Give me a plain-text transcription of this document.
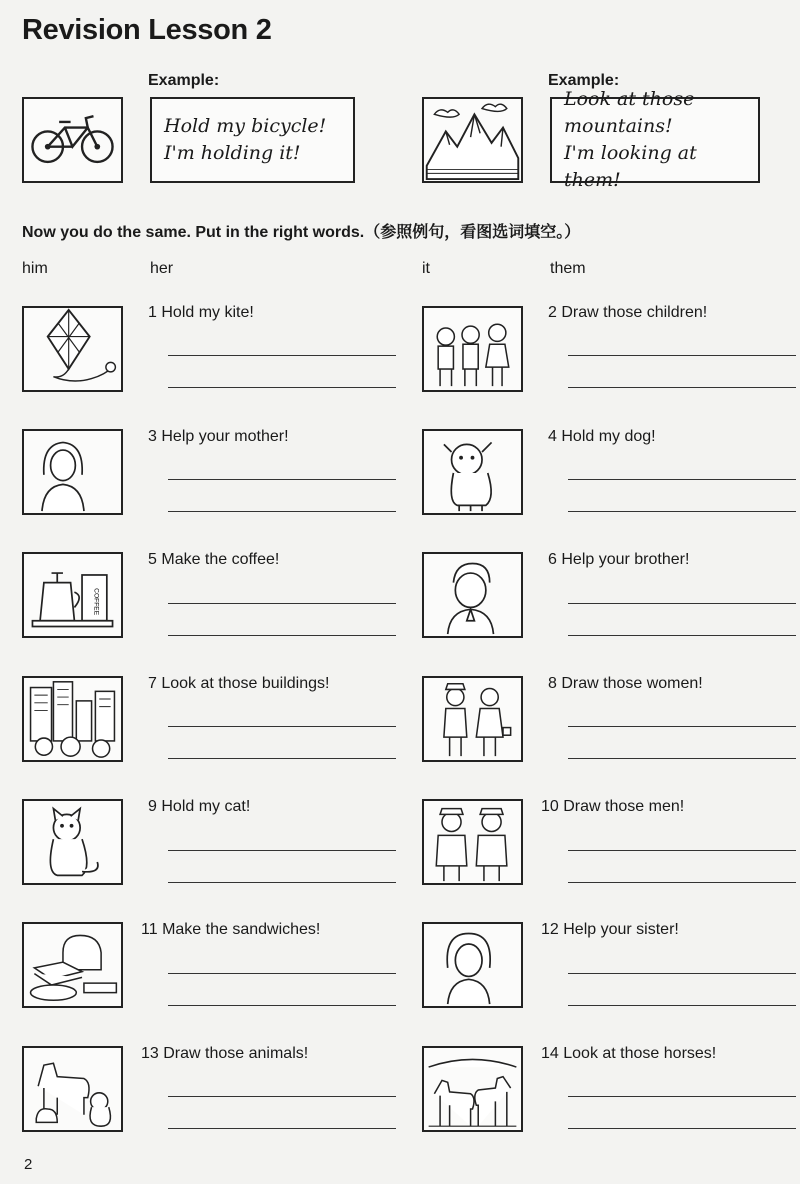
Revision Lesson 2
Example:
Hold my bicycle!
I'm holding it!
Example:
Look at those mountains!
I'm looking at them!
Now you do the same. Put in the right words.（参照例句，看图选词填空。）
him	her	it	them
1 Hold my kite!	2 Draw those children!
3 Help your mother!	4 Hold my dog!
COFFEE
5 Make the coffee!	6 Help your brother!
7 Look at those buildings!	8 Draw those women!
9 Hold my cat!	10 Draw those men!
11 Make the sandwiches!	12 Help your sister!
13 Draw those animals!	14 Look at those horses!
2
